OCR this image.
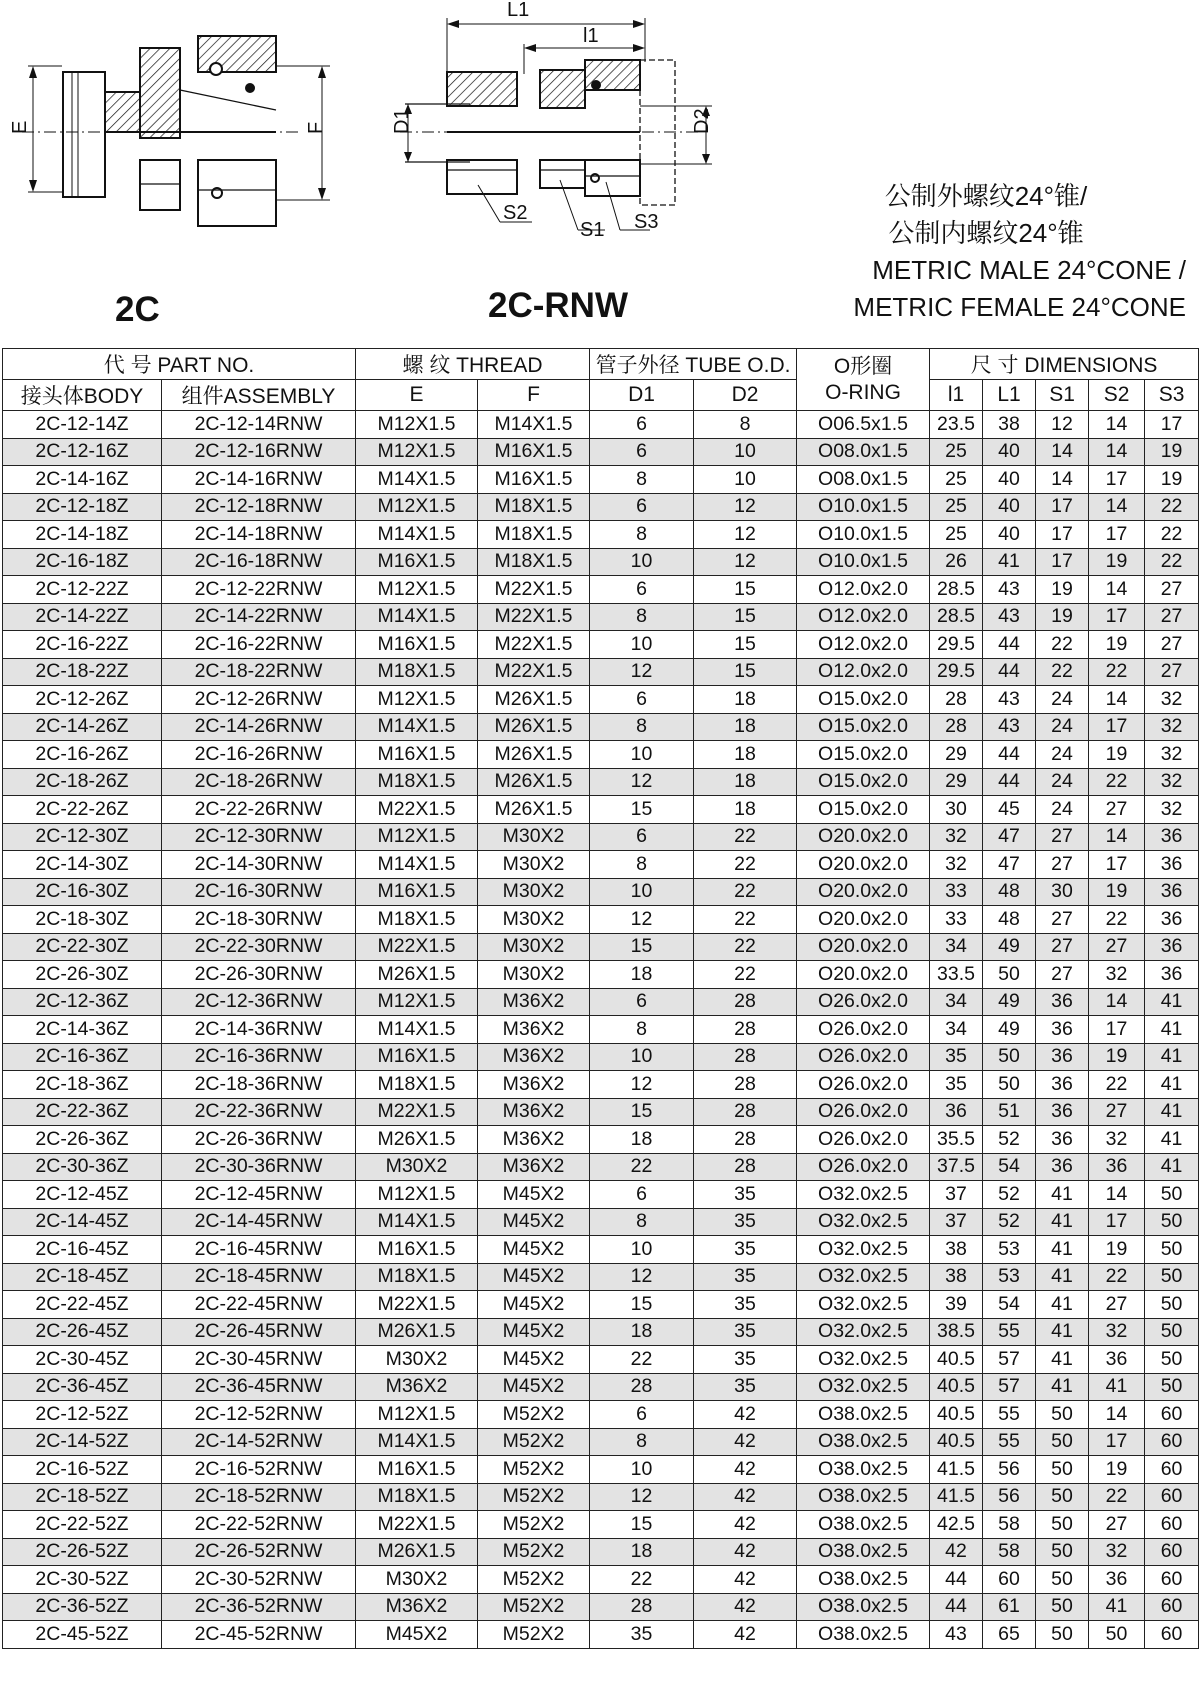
E	F
L1
l1
D1	D2
S2
S1 S3
2C	2C-RNW
公制外螺纹24°锥/
公制内螺纹24°锥
METRIC MALE 24°CONE /
METRIC FEMALE 24°CONE
代 号 PART NO.		螺 纹 THREAD		管子外径 TUBE O.D.		O形圈
O-RING	尺 寸 DIMENSIONS				
接头体BODY	组件ASSEMBLY	E	F	D1	D2		l1	L1	S1	S2	S3
2C-12-14Z	2C-12-14RNW	M12X1.5	M14X1.5	6	8	O06.5x1.5	23.5	38	12	14	17
2C-12-16Z	2C-12-16RNW	M12X1.5	M16X1.5	6	10	O08.0x1.5	25	40	14	14	19
2C-14-16Z	2C-14-16RNW	M14X1.5	M16X1.5	8	10	O08.0x1.5	25	40	14	17	19
2C-12-18Z	2C-12-18RNW	M12X1.5	M18X1.5	6	12	O10.0x1.5	25	40	17	14	22
2C-14-18Z	2C-14-18RNW	M14X1.5	M18X1.5	8	12	O10.0x1.5	25	40	17	17	22
2C-16-18Z	2C-16-18RNW	M16X1.5	M18X1.5	10	12	O10.0x1.5	26	41	17	19	22
2C-12-22Z	2C-12-22RNW	M12X1.5	M22X1.5	6	15	O12.0x2.0	28.5	43	19	14	27
2C-14-22Z	2C-14-22RNW	M14X1.5	M22X1.5	8	15	O12.0x2.0	28.5	43	19	17	27
2C-16-22Z	2C-16-22RNW	M16X1.5	M22X1.5	10	15	O12.0x2.0	29.5	44	22	19	27
2C-18-22Z	2C-18-22RNW	M18X1.5	M22X1.5	12	15	O12.0x2.0	29.5	44	22	22	27
2C-12-26Z	2C-12-26RNW	M12X1.5	M26X1.5	6	18	O15.0x2.0	28	43	24	14	32
2C-14-26Z	2C-14-26RNW	M14X1.5	M26X1.5	8	18	O15.0x2.0	28	43	24	17	32
2C-16-26Z	2C-16-26RNW	M16X1.5	M26X1.5	10	18	O15.0x2.0	29	44	24	19	32
2C-18-26Z	2C-18-26RNW	M18X1.5	M26X1.5	12	18	O15.0x2.0	29	44	24	22	32
2C-22-26Z	2C-22-26RNW	M22X1.5	M26X1.5	15	18	O15.0x2.0	30	45	24	27	32
2C-12-30Z	2C-12-30RNW	M12X1.5	M30X2	6	22	O20.0x2.0	32	47	27	14	36
2C-14-30Z	2C-14-30RNW	M14X1.5	M30X2	8	22	O20.0x2.0	32	47	27	17	36
2C-16-30Z	2C-16-30RNW	M16X1.5	M30X2	10	22	O20.0x2.0	33	48	30	19	36
2C-18-30Z	2C-18-30RNW	M18X1.5	M30X2	12	22	O20.0x2.0	33	48	27	22	36
2C-22-30Z	2C-22-30RNW	M22X1.5	M30X2	15	22	O20.0x2.0	34	49	27	27	36
2C-26-30Z	2C-26-30RNW	M26X1.5	M30X2	18	22	O20.0x2.0	33.5	50	27	32	36
2C-12-36Z	2C-12-36RNW	M12X1.5	M36X2	6	28	O26.0x2.0	34	49	36	14	41
2C-14-36Z	2C-14-36RNW	M14X1.5	M36X2	8	28	O26.0x2.0	34	49	36	17	41
2C-16-36Z	2C-16-36RNW	M16X1.5	M36X2	10	28	O26.0x2.0	35	50	36	19	41
2C-18-36Z	2C-18-36RNW	M18X1.5	M36X2	12	28	O26.0x2.0	35	50	36	22	41
2C-22-36Z	2C-22-36RNW	M22X1.5	M36X2	15	28	O26.0x2.0	36	51	36	27	41
2C-26-36Z	2C-26-36RNW	M26X1.5	M36X2	18	28	O26.0x2.0	35.5	52	36	32	41
2C-30-36Z	2C-30-36RNW	M30X2	M36X2	22	28	O26.0x2.0	37.5	54	36	36	41
2C-12-45Z	2C-12-45RNW	M12X1.5	M45X2	6	35	O32.0x2.5	37	52	41	14	50
2C-14-45Z	2C-14-45RNW	M14X1.5	M45X2	8	35	O32.0x2.5	37	52	41	17	50
2C-16-45Z	2C-16-45RNW	M16X1.5	M45X2	10	35	O32.0x2.5	38	53	41	19	50
2C-18-45Z	2C-18-45RNW	M18X1.5	M45X2	12	35	O32.0x2.5	38	53	41	22	50
2C-22-45Z	2C-22-45RNW	M22X1.5	M45X2	15	35	O32.0x2.5	39	54	41	27	50
2C-26-45Z	2C-26-45RNW	M26X1.5	M45X2	18	35	O32.0x2.5	38.5	55	41	32	50
2C-30-45Z	2C-30-45RNW	M30X2	M45X2	22	35	O32.0x2.5	40.5	57	41	36	50
2C-36-45Z	2C-36-45RNW	M36X2	M45X2	28	35	O32.0x2.5	40.5	57	41	41	50
2C-12-52Z	2C-12-52RNW	M12X1.5	M52X2	6	42	O38.0x2.5	40.5	55	50	14	60
2C-14-52Z	2C-14-52RNW	M14X1.5	M52X2	8	42	O38.0x2.5	40.5	55	50	17	60
2C-16-52Z	2C-16-52RNW	M16X1.5	M52X2	10	42	O38.0x2.5	41.5	56	50	19	60
2C-18-52Z	2C-18-52RNW	M18X1.5	M52X2	12	42	O38.0x2.5	41.5	56	50	22	60
2C-22-52Z	2C-22-52RNW	M22X1.5	M52X2	15	42	O38.0x2.5	42.5	58	50	27	60
2C-26-52Z	2C-26-52RNW	M26X1.5	M52X2	18	42	O38.0x2.5	42	58	50	32	60
2C-30-52Z	2C-30-52RNW	M30X2	M52X2	22	42	O38.0x2.5	44	60	50	36	60
2C-36-52Z	2C-36-52RNW	M36X2	M52X2	28	42	O38.0x2.5	44	61	50	41	60
2C-45-52Z	2C-45-52RNW	M45X2	M52X2	35	42	O38.0x2.5	43	65	50	50	60
